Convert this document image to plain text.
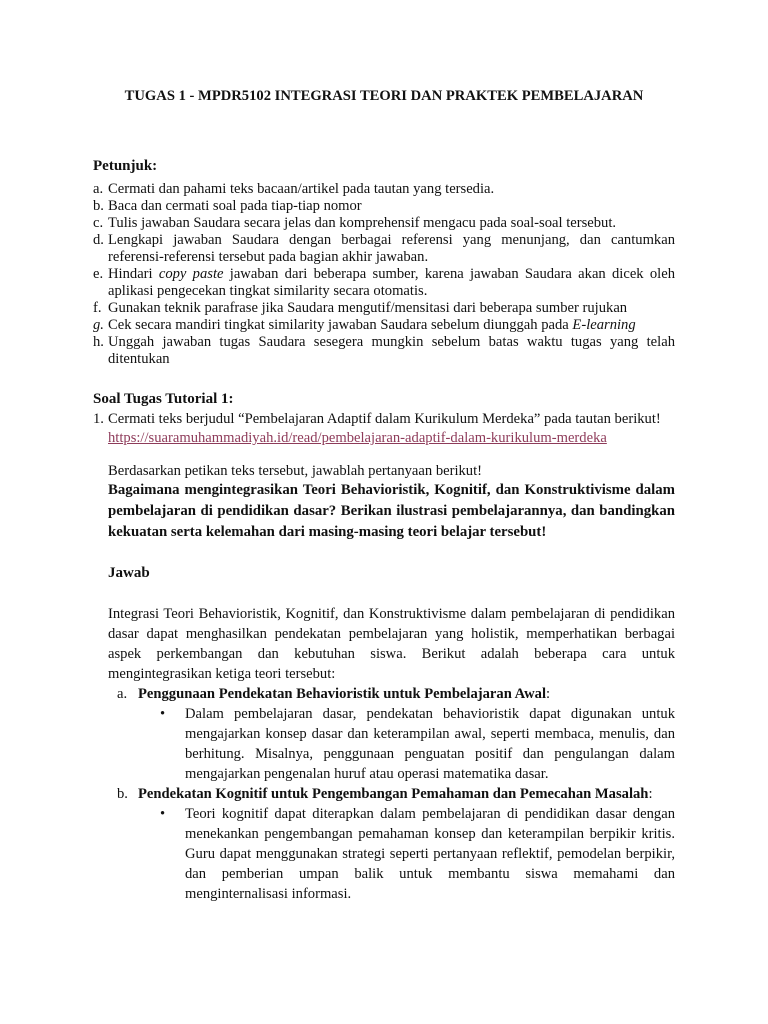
TUGAS 1 - MPDR5102 INTEGRASI TEORI DAN PRAKTEK PEMBELAJARAN
Petunjuk:
a. Cermati dan pahami teks bacaan/artikel pada tautan yang tersedia.
b. Baca dan cermati soal pada tiap-tiap nomor
c. Tulis jawaban Saudara secara jelas dan komprehensif mengacu pada soal-soal tersebut.
d. Lengkapi jawaban Saudara dengan berbagai referensi yang menunjang, dan cantumkan referensi-referensi tersebut pada bagian akhir jawaban.
e. Hindari copy paste jawaban dari beberapa sumber, karena jawaban Saudara akan dicek oleh aplikasi pengecekan tingkat similarity secara otomatis.
f. Gunakan teknik parafrase jika Saudara mengutif/mensitasi dari beberapa sumber rujukan
g. Cek secara mandiri tingkat similarity jawaban Saudara sebelum diunggah pada E-learning
h. Unggah jawaban tugas Saudara sesegera mungkin sebelum batas waktu tugas yang telah ditentukan
Soal Tugas Tutorial 1:
1. Cermati teks berjudul “Pembelajaran Adaptif dalam Kurikulum Merdeka” pada tautan berikut!
https://suaramuhammadiyah.id/read/pembelajaran-adaptif-dalam-kurikulum-merdeka
Berdasarkan petikan teks tersebut, jawablah pertanyaan berikut!
Bagaimana mengintegrasikan Teori Behavioristik, Kognitif, dan Konstruktivisme dalam pembelajaran di pendidikan dasar? Berikan ilustrasi pembelajarannya, dan bandingkan kekuatan serta kelemahan dari masing-masing teori belajar tersebut!
Jawab
Integrasi Teori Behavioristik, Kognitif, dan Konstruktivisme dalam pembelajaran di pendidikan dasar dapat menghasilkan pendekatan pembelajaran yang holistik, memperhatikan berbagai aspek perkembangan dan kebutuhan siswa. Berikut adalah beberapa cara untuk mengintegrasikan ketiga teori tersebut:
a. Penggunaan Pendekatan Behavioristik untuk Pembelajaran Awal:
• Dalam pembelajaran dasar, pendekatan behavioristik dapat digunakan untuk mengajarkan konsep dasar dan keterampilan awal, seperti membaca, menulis, dan berhitung. Misalnya, penggunaan penguatan positif dan pengulangan dalam mengajarkan pengenalan huruf atau operasi matematika dasar.
b. Pendekatan Kognitif untuk Pengembangan Pemahaman dan Pemecahan Masalah:
• Teori kognitif dapat diterapkan dalam pembelajaran di pendidikan dasar dengan menekankan pengembangan pemahaman konsep dan keterampilan berpikir kritis. Guru dapat menggunakan strategi seperti pertanyaan reflektif, pemodelan berpikir, dan pemberian umpan balik untuk membantu siswa memahami dan menginternalisasi informasi.
